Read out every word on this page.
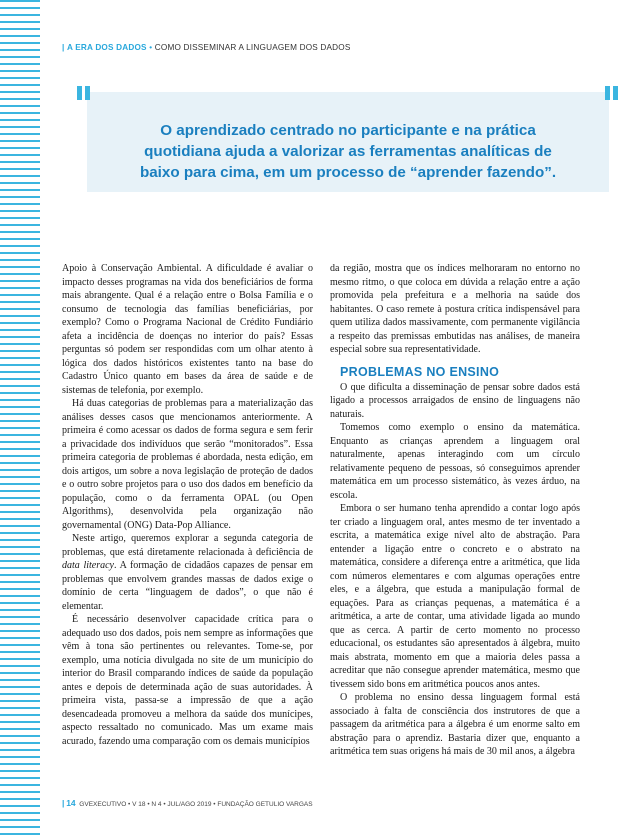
| A ERA DOS DADOS • COMO DISSEMINAR A LINGUAGEM DOS DADOS
O aprendizado centrado no participante e na prática
quotidiana ajuda a valorizar as ferramentas analíticas de
baixo para cima, em um processo de “aprender fazendo”.

Apoio à Conservação Ambiental. A dificuldade é avaliar o impacto desses programas na vida dos beneficiários de forma mais abrangente. Qual é a relação entre o Bolsa Família e o consumo de tecnologia das famílias beneficiárias, por exemplo? Como o Programa Nacional de Crédito Fundiário afeta a incidência de doenças no interior do país? Essas perguntas só podem ser respondidas com um olhar atento à lógica dos dados históricos existentes tanto na base do Cadastro Único quanto em bases da área de saúde e de sistemas de telefonia, por exemplo.

Há duas categorias de problemas para a materialização das análises desses casos que mencionamos anteriormente. A primeira é como acessar os dados de forma segura e sem ferir a privacidade dos indivíduos que serão “monitorados”. Essa primeira categoria de problemas é abordada, nesta edição, em dois artigos, um sobre a nova legislação de proteção de dados e o outro sobre projetos para o uso dos dados em benefício da população, como o da ferramenta OPAL (ou Open Algorithms), desenvolvida pela organização não governamental (ONG) Data-Pop Alliance.

Neste artigo, queremos explorar a segunda categoria de problemas, que está diretamente relacionada à deficiência de data literacy. A formação de cidadãos capazes de pensar em problemas que envolvem grandes massas de dados exige o domínio de certa “linguagem de dados”, o que não é elementar.

É necessário desenvolver capacidade crítica para o adequado uso dos dados, pois nem sempre as informações que vêm à tona são pertinentes ou relevantes. Tome-se, por exemplo, uma notícia divulgada no site de um município do interior do Brasil comparando índices de saúde da população antes e depois de determinada ação de suas autoridades. À primeira vista, passa-se a impressão de que a ação desencadeada promoveu a melhora da saúde dos munícipes, aspecto ressaltado no comunicado. Mas um exame mais acurado, fazendo uma comparação com os demais municípios

da região, mostra que os índices melhoraram no entorno no mesmo ritmo, o que coloca em dúvida a relação entre a ação promovida pela prefeitura e a melhoria na saúde dos habitantes. O caso remete à postura crítica indispensável para quem utiliza dados massivamente, com permanente vigilância a respeito das premissas embutidas nas análises, de maneira especial sobre sua representatividade.

PROBLEMAS NO ENSINO

O que dificulta a disseminação de pensar sobre dados está ligado a processos arraigados de ensino de linguagens não naturais.

Tomemos como exemplo o ensino da matemática. Enquanto as crianças aprendem a linguagem oral naturalmente, apenas interagindo com um círculo relativamente pequeno de pessoas, só conseguimos aprender matemática em um processo sistemático, às vezes árduo, na escola.

Embora o ser humano tenha aprendido a contar logo após ter criado a linguagem oral, antes mesmo de ter inventado a escrita, a matemática exige nível alto de abstração. Para entender a ligação entre o concreto e o abstrato na matemática, considere a diferença entre a aritmética, que lida com números elementares e com algumas operações entre eles, e a álgebra, que estuda a manipulação formal de equações. Para as crianças pequenas, a matemática é a aritmética, a arte de contar, uma atividade ligada ao mundo que as cerca. A partir de certo momento no processo educacional, os estudantes são apresentados à álgebra, muito mais abstrata, momento em que a maioria deles passa a acreditar que não consegue aprender matemática, mesmo que tivessem sido bons em aritmética poucos anos antes.

O problema no ensino dessa linguagem formal está associado à falta de consciência dos instrutores de que a passagem da aritmética para a álgebra é um enorme salto em abstração para o aprendiz. Bastaria dizer que, enquanto a aritmética tem suas origens há mais de 30 mil anos, a álgebra

| 14 GVEXECUTIVO • V 18 • N 4 • JUL/AGO 2019 • FUNDAÇÃO GETULIO VARGAS
